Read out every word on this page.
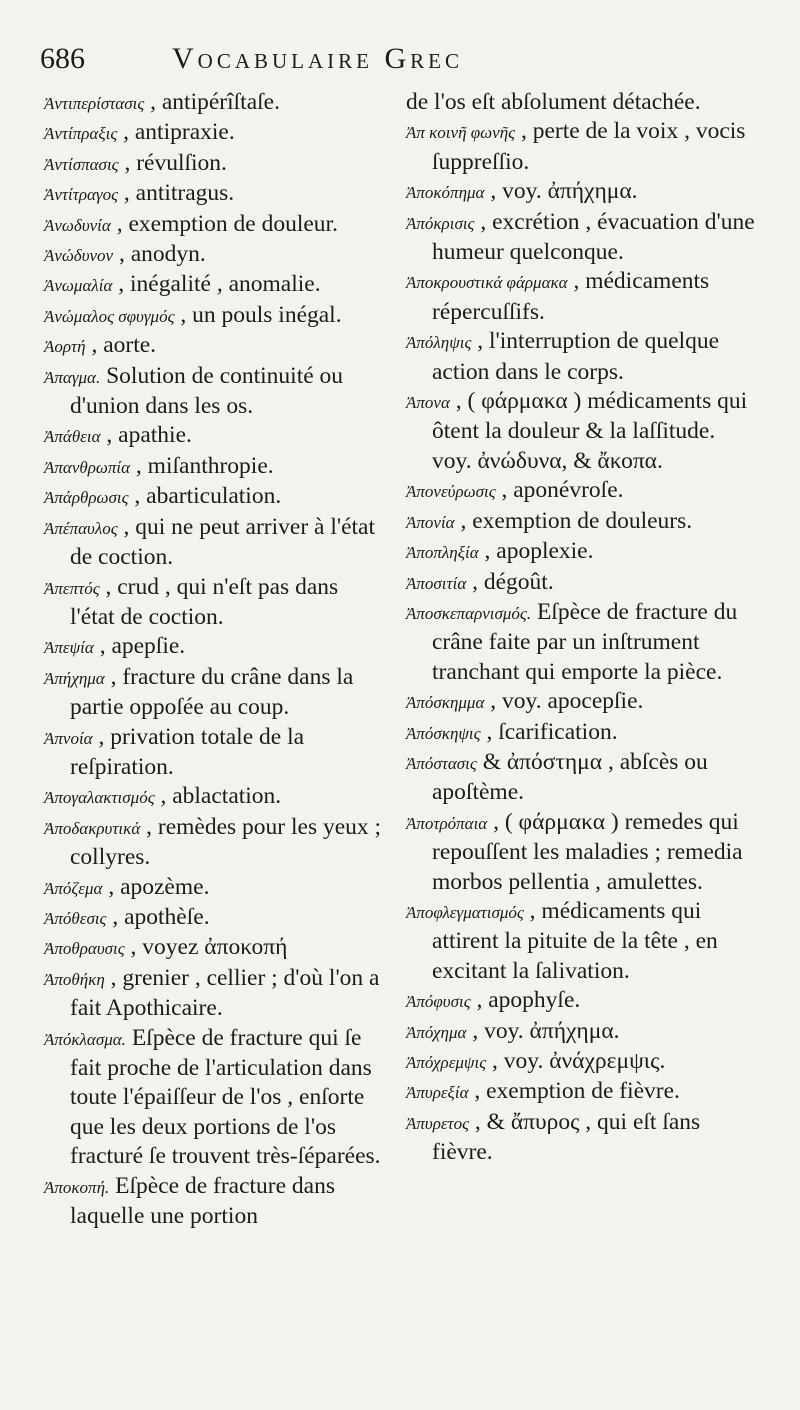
686	Vocabulaire Grec

Ἀντιπερίστασις , antipérîſtaſe.

Ἀντίπραξις , antipraxie.

Ἀντίσπασις , révulſion.

Ἀντίτραγος , antitragus.

Ἀνωδυνία , exemption de douleur.

Ἀνώδυνον , anodyn.

Ἀνωμαλία , inégalité , anomalie.

Ἀνώμαλος σφυγμός , un pouls inégal.

Ἀορτή , aorte.

Ἀπαγμα. Solution de continuité ou d'union dans les os.

Ἀπάθεια , apathie.

Ἀπανθρωπία , miſanthropie.

Ἀπάρθρωσις , abarticulation.

Ἀπέπαυλος , qui ne peut arriver à l'état de coction.

Ἀπεπτός , crud , qui n'eſt pas dans l'état de coction.

Ἀπεψία , apepſie.

Ἀπήχημα , fracture du crâne dans la partie oppoſée au coup.

Ἀπνοία , privation totale de la reſpiration.

Ἀπογαλακτισμός , ablactation.

Ἀποδακρυτικά , remèdes pour les yeux ; collyres.

Ἀπόζεμα , apozème.

Ἀπόθεσις , apothèſe.

Ἀποθραυσις , voyez ἀποκοπή

Ἀποθήκη , grenier , cellier ; d'où l'on a fait Apothicaire.

Ἀπόκλασμα. Eſpèce de fracture qui ſe fait proche de l'articulation dans toute l'épaiſſeur de l'os , enſorte que les deux portions de l'os fracturé ſe trouvent très-ſéparées.

Ἀποκοπή. Eſpèce de fracture dans laquelle une portion

de l'os eſt abſolument détachée.

Ἀπ κοινῆ φωνῆς , perte de la voix , vocis ſuppreſſio.

Ἀποκόπημα , voy. ἀπήχημα.

Ἀπόκρισις , excrétion , évacuation d'une humeur quelconque.

Ἀποκρουστικά φάρμακα , médicaments répercuſſifs.

Ἀπόληψις , l'interruption de quelque action dans le corps.

Ἀπονα , ( φάρμακα ) médicaments qui ôtent la douleur & la laſſitude. voy. ἀνώδυνα, & ἄκοπα.

Ἀπονεύρωσις , aponévroſe.

Ἀπονία , exemption de douleurs.

Ἀποπληξία , apoplexie.

Ἀποσιτία , dégoût.

Ἀποσκεπαρνισμός. Eſpèce de fracture du crâne faite par un inſtrument tranchant qui emporte la pièce.

Ἀπόσκημμα , voy. apocepſie.

Ἀπόσκηψις , ſcarification.

Ἀπόστασις & ἀπόστημα , abſcès ou apoſtème.

Ἀποτρόπαια , ( φάρμακα ) remedes qui repouſſent les maladies ; remedia morbos pellentia , amulettes.

Ἀποφλεγματισμός , médicaments qui attirent la pituite de la tête , en excitant la ſalivation.

Ἀπόφυσις , apophyſe.

Ἀπόχημα , voy. ἀπήχημα.

Ἀπόχρεμψις , voy. ἀνάχρεμψις.

Ἀπυρεξία , exemption de fièvre.

Ἀπυρετος , & ἄπυρος , qui eſt ſans fièvre.
